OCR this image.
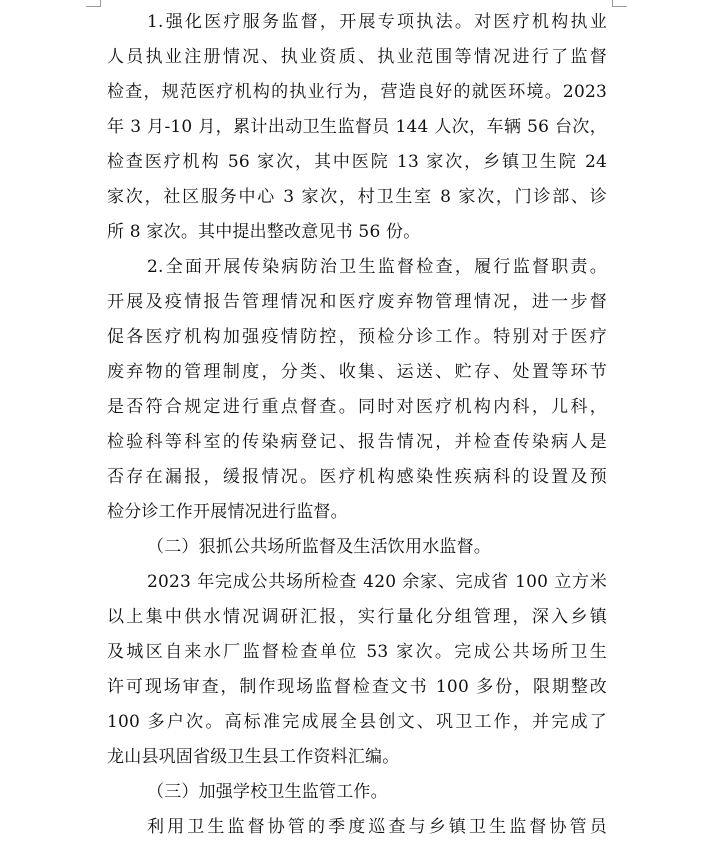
1.强化医疗服务监督，开展专项执法。对医疗机构执业
人员执业注册情况、执业资质、执业范围等情况进行了监督
检查，规范医疗机构的执业行为，营造良好的就医环境。2023
年 3 月-10 月，累计出动卫生监督员 144 人次，车辆 56 台次，
检查医疗机构 56 家次，其中医院 13 家次，乡镇卫生院 24
家次，社区服务中心 3 家次，村卫生室 8 家次，门诊部、诊
所 8 家次。其中提出整改意见书 56 份。
2.全面开展传染病防治卫生监督检查，履行监督职责。
开展及疫情报告管理情况和医疗废弃物管理情况，进一步督
促各医疗机构加强疫情防控，预检分诊工作。特别对于医疗
废弃物的管理制度，分类、收集、运送、贮存、处置等环节
是否符合规定进行重点督查。同时对医疗机构内科，儿科，
检验科等科室的传染病登记、报告情况，并检查传染病人是
否存在漏报，缓报情况。医疗机构感染性疾病科的设置及预
检分诊工作开展情况进行监督。
（二）狠抓公共场所监督及生活饮用水监督。
2023 年完成公共场所检查 420 余家、完成省 100 立方米
以上集中供水情况调研汇报，实行量化分组管理，深入乡镇
及城区自来水厂监督检查单位 53 家次。完成公共场所卫生
许可现场审查，制作现场监督检查文书 100 多份，限期整改
100 多户次。高标准完成展全县创文、巩卫工作，并完成了
龙山县巩固省级卫生县工作资料汇编。
（三）加强学校卫生监管工作。
利用卫生监督协管的季度巡查与乡镇卫生监督协管员
